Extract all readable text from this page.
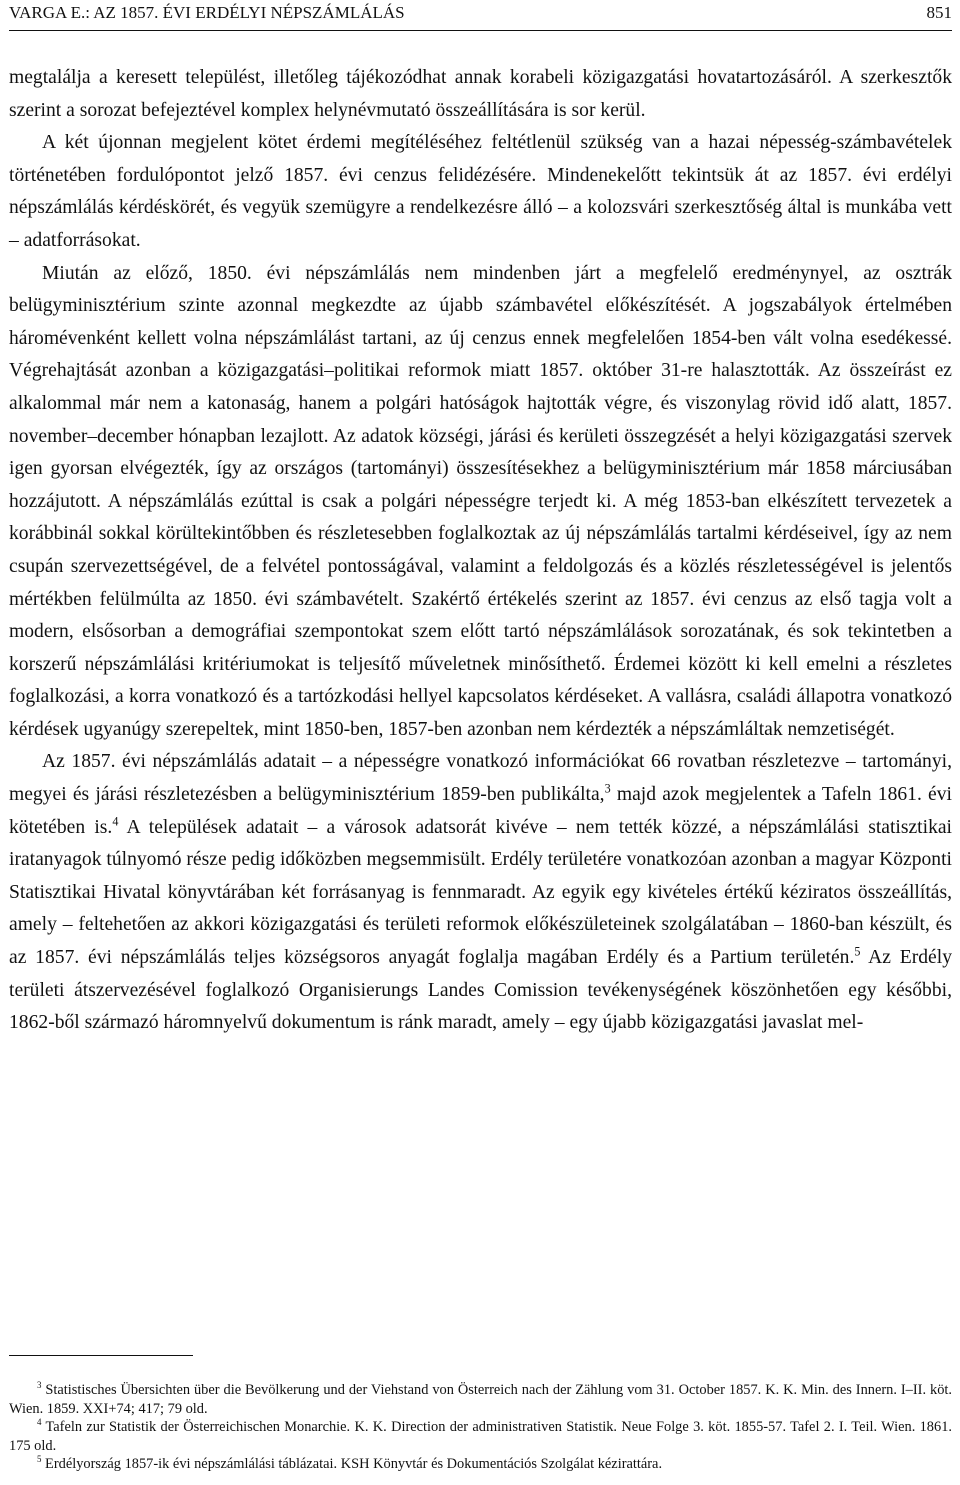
VARGA E.: AZ 1857. ÉVI ERDÉLYI NÉPSZÁMLÁLÁS	851

megtalálja a keresett települést, illetőleg tájékozódhat annak korabeli közigazgatási hovatartozásáról. A szerkesztők szerint a sorozat befejeztével komplex helynévmutató összeállítására is sor kerül.

A két újonnan megjelent kötet érdemi megítéléséhez feltétlenül szükség van a hazai népesség-számbavételek történetében fordulópontot jelző 1857. évi cenzus felidézésére. Mindenekelőtt tekintsük át az 1857. évi erdélyi népszámlálás kérdéskörét, és vegyük szemügyre a rendelkezésre álló – a kolozsvári szerkesztőség által is munkába vett – adatforrásokat.

Miután az előző, 1850. évi népszámlálás nem mindenben járt a megfelelő eredménynyel, az osztrák belügyminisztérium szinte azonnal megkezdte az újabb számbavétel előkészítését. A jogszabályok értelmében háromévenként kellett volna népszámlálást tartani, az új cenzus ennek megfelelően 1854-ben vált volna esedékessé. Végrehajtását azonban a közigazgatási–politikai reformok miatt 1857. október 31-re halasztották. Az összeírást ez alkalommal már nem a katonaság, hanem a polgári hatóságok hajtották végre, és viszonylag rövid idő alatt, 1857. november–december hónapban lezajlott. Az adatok községi, járási és kerületi összegzését a helyi közigazgatási szervek igen gyorsan elvégezték, így az országos (tartományi) összesítésekhez a belügyminisztérium már 1858 márciusában hozzájutott. A népszámlálás ezúttal is csak a polgári népességre terjedt ki. A még 1853-ban elkészített tervezetek a korábbinál sokkal körültekintőbben és részletesebben foglalkoztak az új népszámlálás tartalmi kérdéseivel, így az nem csupán szervezettségével, de a felvétel pontosságával, valamint a feldolgozás és a közlés részletességével is jelentős mértékben felülmúlta az 1850. évi számbavételt. Szakértő értékelés szerint az 1857. évi cenzus az első tagja volt a modern, elsősorban a demográfiai szempontokat szem előtt tartó népszámlálások sorozatának, és sok tekintetben a korszerű népszámlálási kritériumokat is teljesítő műveletnek minősíthető. Érdemei között ki kell emelni a részletes foglalkozási, a korra vonatkozó és a tartózkodási hellyel kapcsolatos kérdéseket. A vallásra, családi állapotra vonatkozó kérdések ugyanúgy szerepeltek, mint 1850-ben, 1857-ben azonban nem kérdezték a népszámláltak nemzetiségét.

Az 1857. évi népszámlálás adatait – a népességre vonatkozó információkat 66 rovatban részletezve – tartományi, megyei és járási részletezésben a belügyminisztérium 1859-ben publikálta,$^3$ majd azok megjelentek a Tafeln 1861. évi kötetében is.$^4$ A települések adatait – a városok adatsorát kivéve – nem tették közzé, a népszámlálási statisztikai iratanyagok túlnyomó része pedig időközben megsemmisült. Erdély területére vonatkozóan azonban a magyar Központi Statisztikai Hivatal könyvtárában két forrásanyag is fennmaradt. Az egyik egy kivételes értékű kéziratos összeállítás, amely – feltehetően az akkori közigazgatási és területi reformok előkészületeinek szolgálatában – 1860-ban készült, és az 1857. évi népszámlálás teljes községsoros anyagát foglalja magában Erdély és a Partium területén.$^5$ Az Erdély területi átszervezésével foglalkozó Organisierungs Landes Comission tevékenységének köszönhetően egy későbbi, 1862-ből származó háromnyelvű dokumentum is ránk maradt, amely – egy újabb közigazgatási javaslat mel-

$^3$ Statistisches Übersichten über die Bevölkerung und der Viehstand von Österreich nach der Zählung vom 31. October 1857. K. K. Min. des Innern. I–II. köt. Wien. 1859. XXI+74; 417; 79 old.

$^4$ Tafeln zur Statistik der Österreichischen Monarchie. K. K. Direction der administrativen Statistik. Neue Folge 3. köt. 1855-57. Tafel 2. I. Teil. Wien. 1861. 175 old.

$^5$ Erdélyország 1857-ik évi népszámlálási táblázatai. KSH Könyvtár és Dokumentációs Szolgálat kézirattára.
